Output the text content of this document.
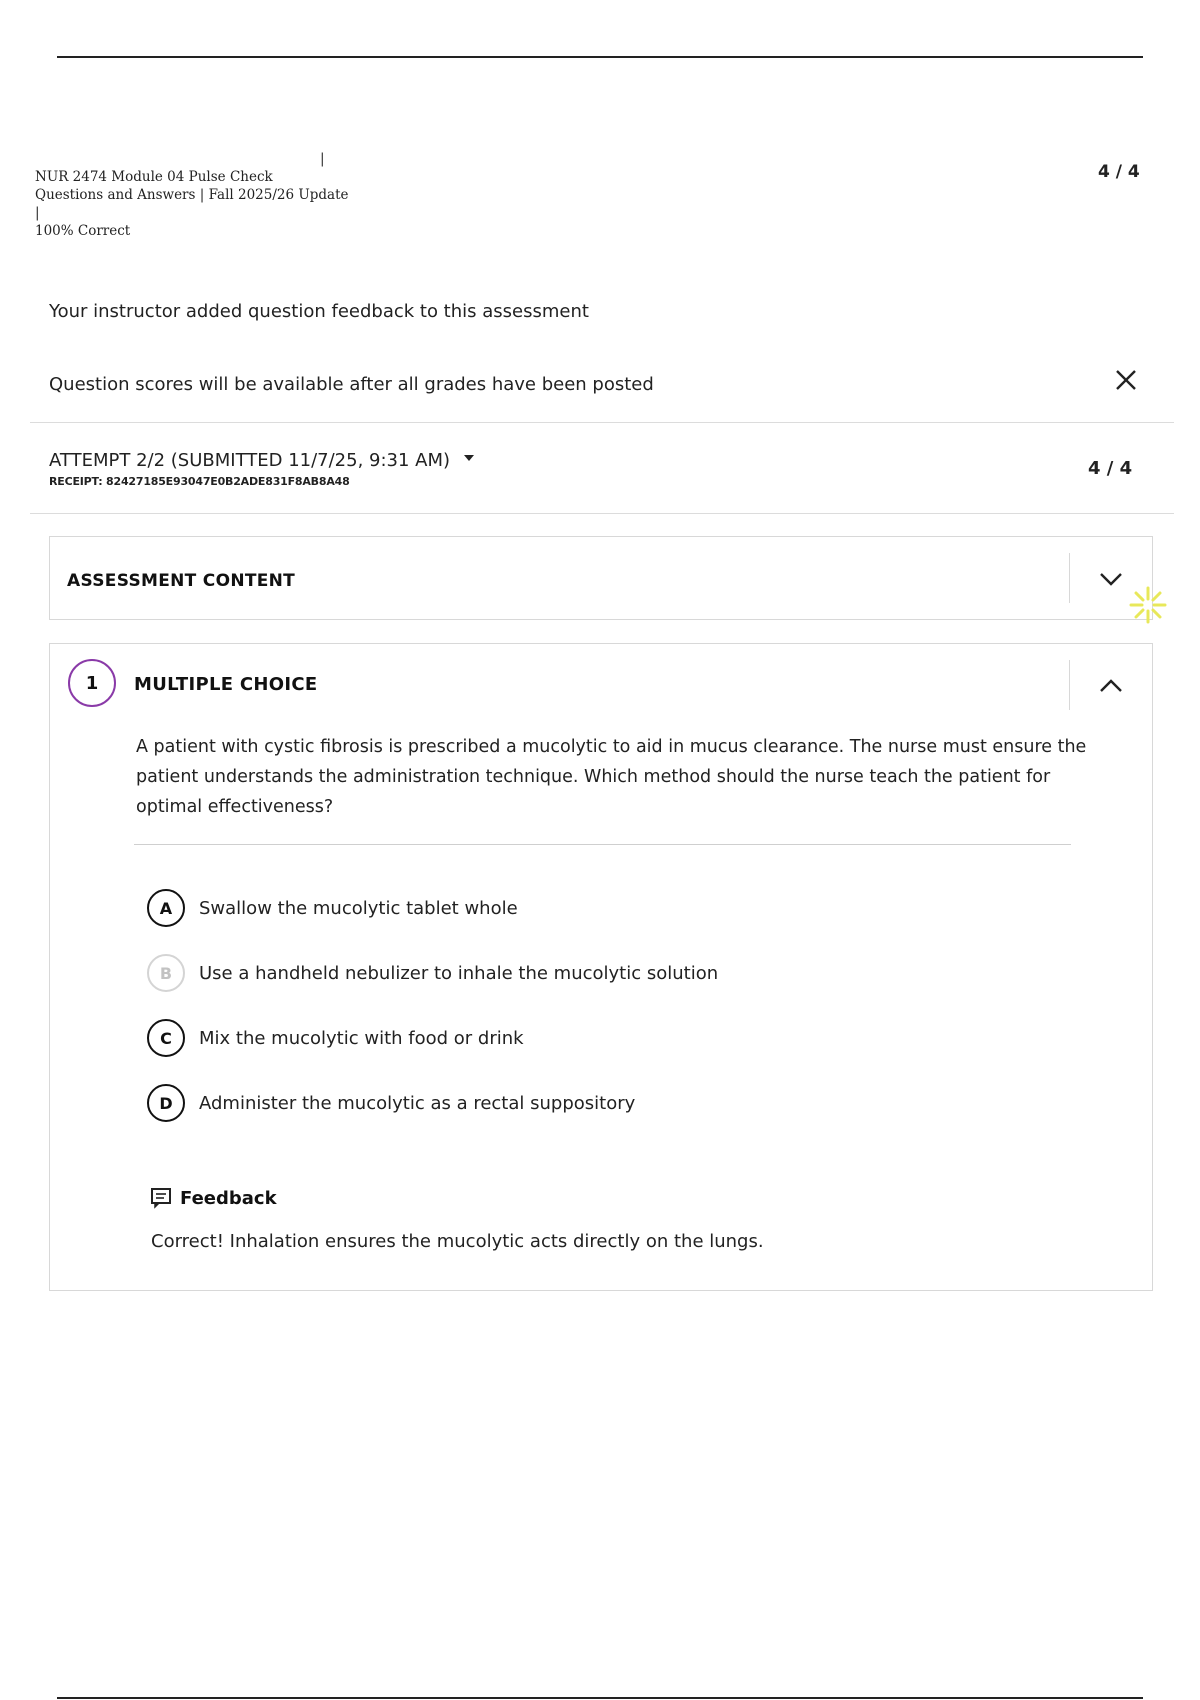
NUR 2474 Module 04 Pulse Check
Questions and Answers | Fall 2025/26 Update |
100% Correct

|

4 / 4
Your instructor added question feedback to this assessment
Question scores will be available after all grades have been posted
ATTEMPT 2/2 (SUBMITTED 11/7/25, 9:31 AM)
RECEIPT: 82427185E93047E0B2ADE831F8AB8A48
4 / 4
ASSESSMENT CONTENT
1	MULTIPLE CHOICE
A patient with cystic fibrosis is prescribed a mucolytic to aid in mucus clearance. The nurse must ensure the patient understands the administration technique. Which method should the nurse teach the patient for optimal effectiveness?
A	Swallow the mucolytic tablet whole
B	Use a handheld nebulizer to inhale the mucolytic solution
C	Mix the mucolytic with food or drink
D	Administer the mucolytic as a rectal suppository
Feedback
Correct! Inhalation ensures the mucolytic acts directly on the lungs.
